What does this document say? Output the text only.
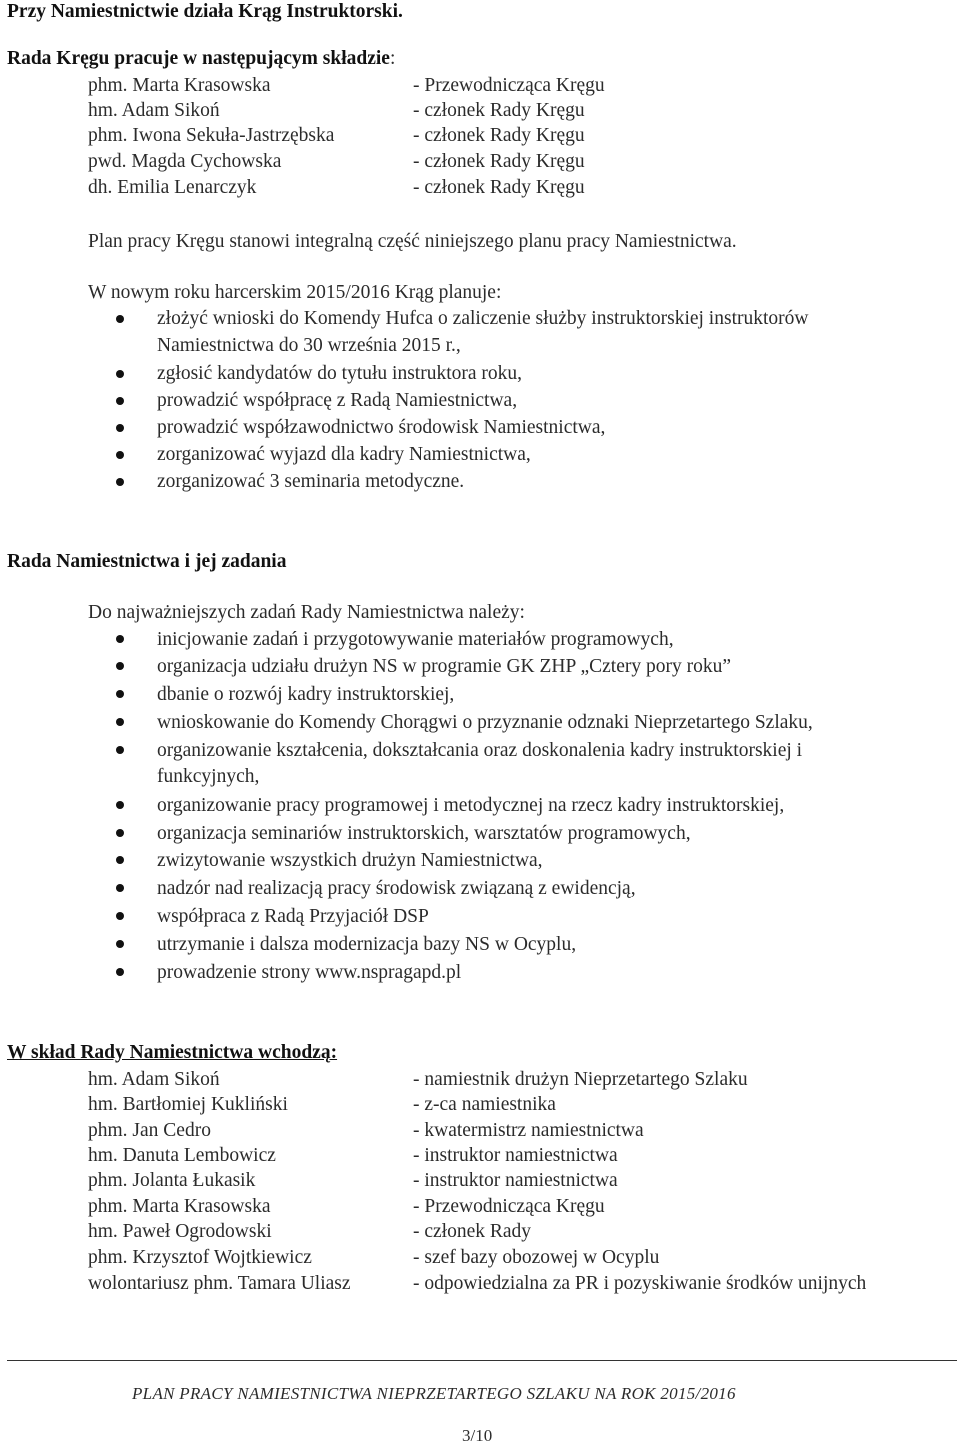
Przy Namiestnictwie działa Krąg Instruktorski.
Rada Kręgu pracuje w następującym składzie:
phm. Marta Krasowska	- Przewodnicząca Kręgu
hm. Adam Sikoń	- członek Rady Kręgu
phm. Iwona Sekuła-Jastrzębska	- członek Rady Kręgu
pwd. Magda Cychowska	- członek Rady Kręgu
dh. Emilia Lenarczyk	- członek Rady Kręgu
Plan pracy Kręgu stanowi integralną część niniejszego planu pracy Namiestnictwa.
W nowym roku harcerskim 2015/2016 Krąg planuje:
złożyć wnioski do Komendy Hufca o zaliczenie służby instruktorskiej instruktorów
Namiestnictwa do 30 września 2015 r.,
zgłosić kandydatów do tytułu instruktora roku,
prowadzić współpracę z Radą Namiestnictwa,
prowadzić współzawodnictwo środowisk Namiestnictwa,
zorganizować wyjazd dla kadry Namiestnictwa,
zorganizować 3 seminaria metodyczne.
Rada Namiestnictwa i jej zadania
Do najważniejszych zadań Rady Namiestnictwa należy:
inicjowanie zadań i przygotowywanie materiałów programowych,
organizacja udziału drużyn NS w programie GK ZHP „Cztery pory roku”
dbanie o rozwój kadry instruktorskiej,
wnioskowanie do Komendy Chorągwi o przyznanie odznaki Nieprzetartego Szlaku,
organizowanie kształcenia, dokształcania oraz doskonalenia kadry instruktorskiej i
funkcyjnych,
organizowanie pracy programowej i metodycznej na rzecz kadry instruktorskiej,
organizacja seminariów instruktorskich, warsztatów programowych,
zwizytowanie wszystkich drużyn Namiestnictwa,
nadzór nad realizacją pracy środowisk związaną z ewidencją,
współpraca z Radą Przyjaciół DSP
utrzymanie i dalsza modernizacja bazy NS w Ocyplu,
prowadzenie strony www.nspragapd.pl
W skład Rady Namiestnictwa wchodzą:
hm. Adam Sikoń	- namiestnik drużyn Nieprzetartego Szlaku
hm. Bartłomiej Kukliński	- z-ca namiestnika
phm. Jan Cedro	- kwatermistrz namiestnictwa
hm. Danuta Lembowicz	- instruktor namiestnictwa
phm. Jolanta Łukasik	- instruktor namiestnictwa
phm. Marta Krasowska	- Przewodnicząca Kręgu
hm. Paweł Ogrodowski	- członek Rady
phm. Krzysztof Wojtkiewicz	- szef bazy obozowej w Ocyplu
wolontariusz phm. Tamara Uliasz	- odpowiedzialna za PR i pozyskiwanie środków unijnych
PLAN PRACY NAMIESTNICTWA NIEPRZETARTEGO SZLAKU NA ROK 2015/2016
3/10
